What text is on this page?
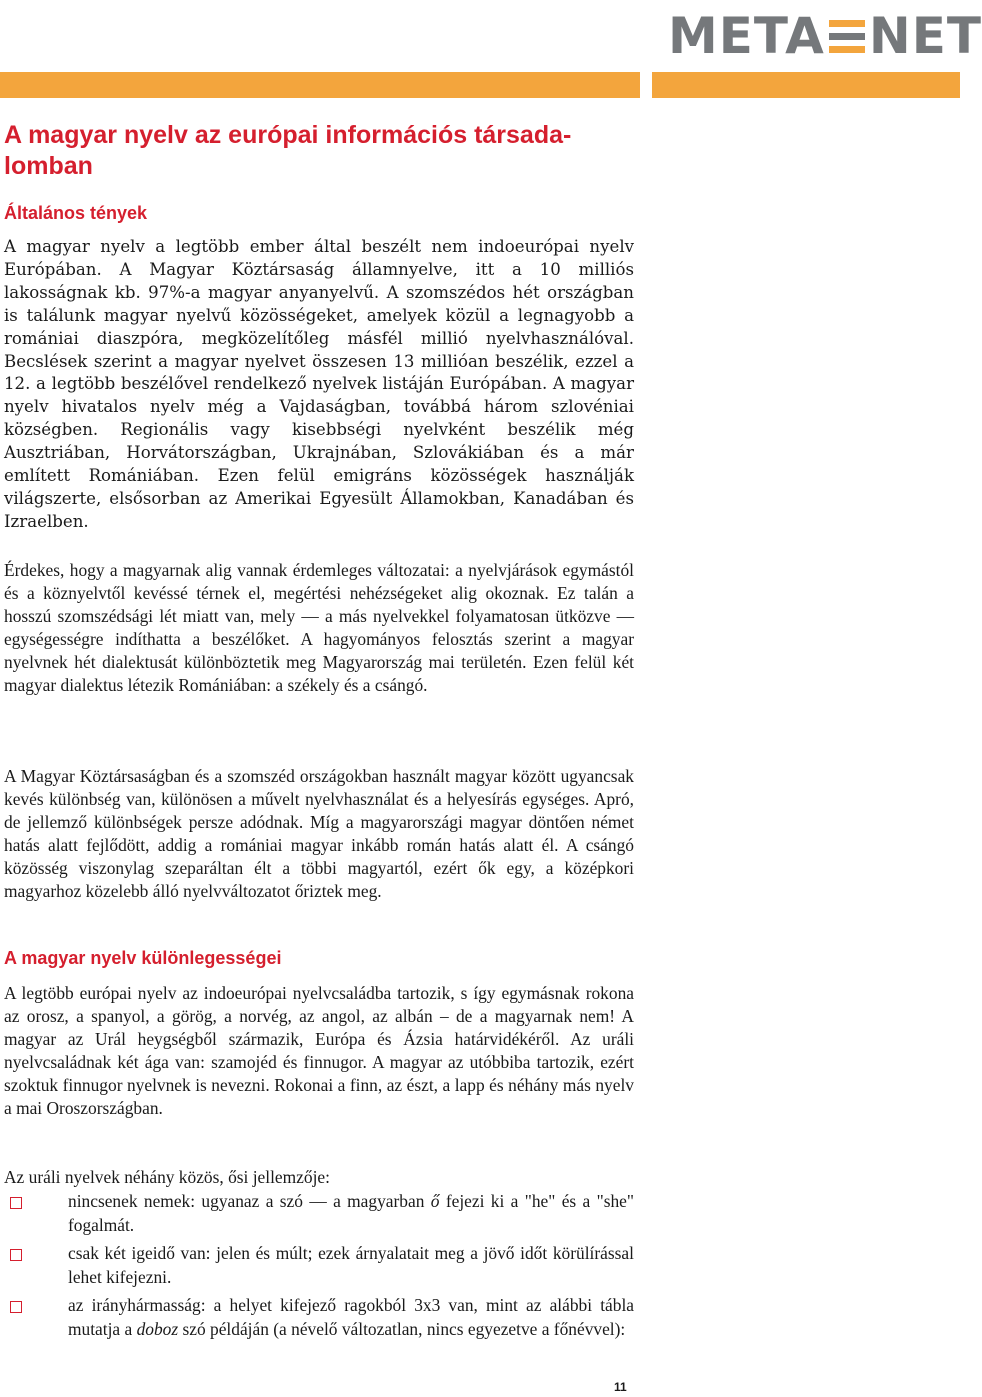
META NET
A magyar nyelv az európai információs társada-
lomban
Általános tények

A magyar nyelv a legtöbb ember által beszélt nem indoeurópai nyelv Európában. A Magyar Köztársaság államnyelve, itt a 10 milliós lakosságnak kb. 97%-a magyar anyanyelvű. A szomszédos hét országban is találunk magyar nyelvű közösségeket, amelyek közül a legnagyobb a romániai diaszpóra, megközelítőleg másfél millió nyelvhasználóval. Becslések szerint a magyar nyelvet összesen 13 millióan beszélik, ezzel a 12. a legtöbb beszélővel rendelkező nyelvek listáján Európában. A magyar nyelv hivatalos nyelv még a Vajdaságban, továbbá három szlovéniai községben. Regionális vagy kisebbségi nyelvként beszélik még Ausztriában, Horvátországban, Ukrajnában, Szlovákiában és a már említett Romániában. Ezen felül emigráns közösségek használják világszerte, elsősorban az Amerikai Egyesült Államokban, Kanadában és Izraelben.

Érdekes, hogy a magyarnak alig vannak érdemleges változatai: a nyelvjárások egymástól és a köznyelvtől kevéssé térnek el, megértési nehézségeket alig okoznak. Ez talán a hosszú szomszédsági lét miatt van, mely — a más nyelvekkel folyamatosan ütközve — egységességre indíthatta a beszélőket. A hagyományos felosztás szerint a magyar nyelvnek hét dialektusát különböztetik meg Magyarország mai területén. Ezen felül két magyar dialektus létezik Romániában: a székely és a csángó.

A Magyar Köztársaságban és a szomszéd országokban használt magyar között ugyancsak kevés különbség van, különösen a művelt nyelvhasználat és a helyesírás egységes. Apró, de jellemző különbségek persze adódnak. Míg a magyarországi magyar döntően német hatás alatt fejlődött, addig a romániai magyar inkább román hatás alatt él. A csángó közösség viszonylag szeparáltan élt a többi magyartól, ezért ők egy, a középkori magyarhoz közelebb álló nyelvváltozatot őriztek meg.

A magyar nyelv különlegességei

A legtöbb európai nyelv az indoeurópai nyelvcsaládba tartozik, s így egymásnak rokona az orosz, a spanyol, a görög, a norvég, az angol, az albán – de a magyarnak nem! A magyar az Urál heygségből származik, Európa és Ázsia határvidékéről. Az uráli nyelvcsaládnak két ága van: szamojéd és finnugor. A magyar az utóbbiba tartozik, ezért szoktuk finnugor nyelvnek is nevezni. Rokonai a finn, az észt, a lapp és néhány más nyelv a mai Oroszországban.

Az uráli nyelvek néhány közös, ősi jellemzője:

nincsenek nemek: ugyanaz a szó — a magyarban ő fejezi ki a "he" és a "she" fogalmát.
csak két igeidő van: jelen és múlt; ezek árnyalatait meg a jövő időt körülírással lehet kifejezni.
az irányhármasság: a helyet kifejező ragokból 3x3 van, mint az alábbi tábla mutatja a doboz szó példáján (a névelő változatlan, nincs egyezetve a főnévvel):
11
